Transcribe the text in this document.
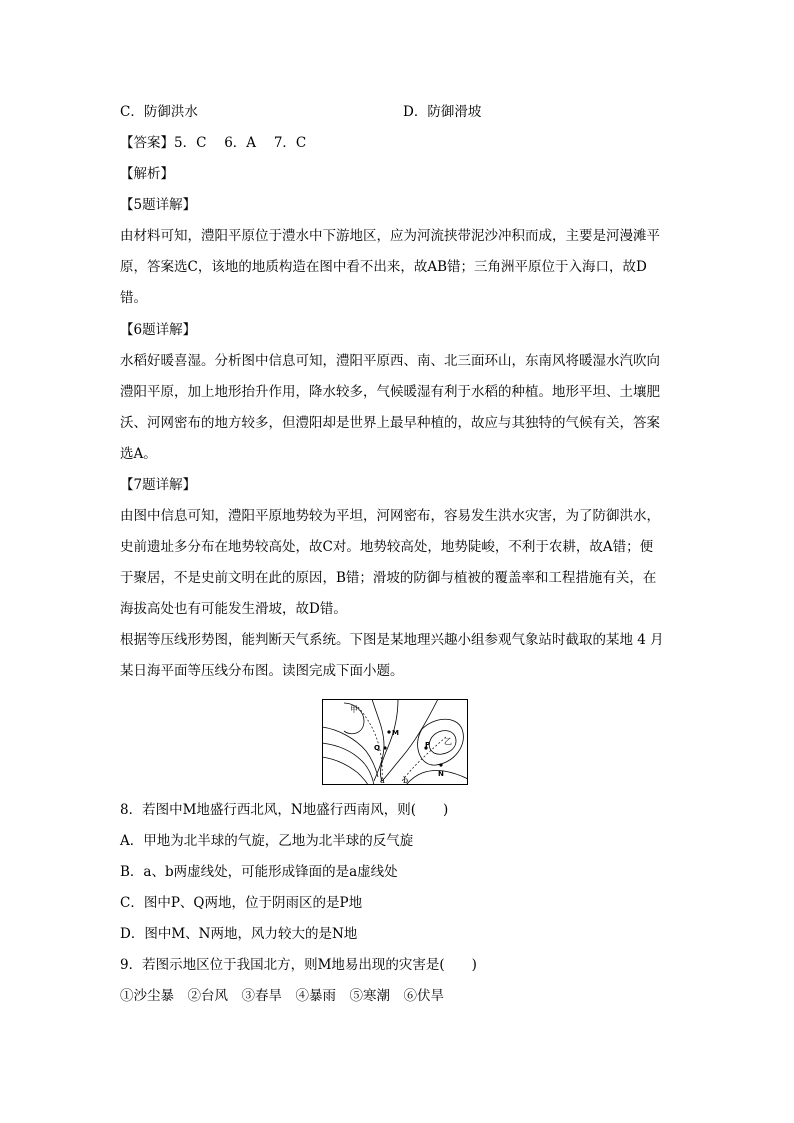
C．防御洪水	D．防御滑坡
【答案】5．C　 6．A　 7．C
【解析】
【5题详解】
由材料可知，澧阳平原位于澧水中下游地区，应为河流挟带泥沙冲积而成，主要是河漫滩平
原，答案选C，该地的地质构造在图中看不出来，故AB错；三角洲平原位于入海口，故D
错。
【6题详解】
水稻好暖喜湿。分析图中信息可知，澧阳平原西、南、北三面环山，东南风将暖湿水汽吹向
澧阳平原，加上地形抬升作用，降水较多，气候暖湿有利于水稻的种植。地形平坦、土壤肥
沃、河网密布的地方较多，但澧阳却是世界上最早种植的，故应与其独特的气候有关，答案
选A。
【7题详解】
由图中信息可知，澧阳平原地势较为平坦，河网密布，容易发生洪水灾害，为了防御洪水，
史前遗址多分布在地势较高处，故C对。地势较高处，地势陡峻，不利于农耕，故A错；便
于聚居，不是史前文明在此的原因，B错；滑坡的防御与植被的覆盖率和工程措施有关，在
海拔高处也有可能发生滑坡，故D错。
根据等压线形势图，能判断天气系统。下图是某地理兴趣小组参观气象站时截取的某地 4 月
某日海平面等压线分布图。读图完成下面小题。
甲
乙
M
Q	P
N
a b
8．若图中M地盛行西北风，N地盛行西南风，则(　　)
A．甲地为北半球的气旋，乙地为北半球的反气旋
B．a、b两虚线处，可能形成锋面的是a虚线处
C．图中P、Q两地，位于阴雨区的是P地
D．图中M、N两地，风力较大的是N地
9．若图示地区位于我国北方，则M地易出现的灾害是(　　)
①沙尘暴　②台风　③春旱　④暴雨　⑤寒潮　⑥伏旱
